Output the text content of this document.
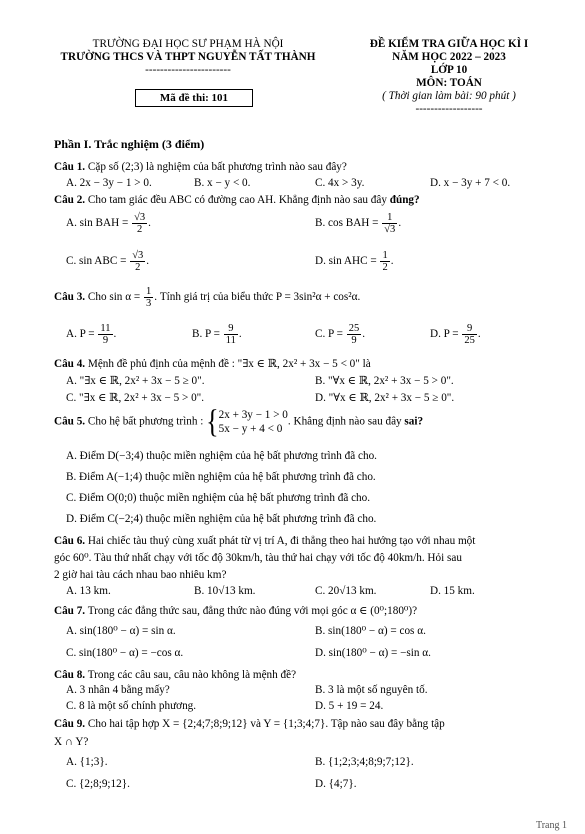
TRƯỜNG ĐẠI HỌC SƯ PHẠM HÀ NỘI
TRƯỜNG THCS VÀ THPT NGUYỄN TẤT THÀNH
-----------------------
Mã đề thi: 101
ĐỀ KIỂM TRA GIỮA HỌC KÌ I
NĂM HỌC 2022 – 2023
LỚP 10
MÔN: TOÁN
( Thời gian làm bài: 90 phút )
------------------
Phần I. Trắc nghiệm (3 điểm)
Câu 1. Cặp số (2;3) là nghiệm của bất phương trình nào sau đây?
A. 2x − 3y − 1 > 0.	B. x − y < 0.	C. 4x > 3y.	D. x − 3y + 7 < 0.
Câu 2. Cho tam giác đều ABC có đường cao AH. Khẳng định nào sau đây đúng?
A. sin BAH = $\frac{√3}{2}$ .	B. cos BAH = $\frac{1}{√3}$ .
C. sin ABC = $\frac{√3}{2}$ .	D. sin AHC = $\frac{1}{2}$ .
Câu 3. Cho $\sin \alpha = \frac{1}{3}$ . Tính giá trị của biểu thức P = 3sin²α + cos²α.
A. $P = \frac{11}{9}$ .	B. $P = \frac{9}{11}$ .	C. $P = \frac{25}{9}$ .	D. $P = \frac{9}{25}$ .
Câu 4. Mệnh đề phủ định của mệnh đề : "∃x ∈ ℝ, 2x² + 3x − 5 < 0" là
A. "∃x ∈ ℝ, 2x² + 3x − 5 ≥ 0".	B. "∀x ∈ ℝ, 2x² + 3x − 5 > 0".
C. "∃x ∈ ℝ, 2x² + 3x − 5 > 0".	D. "∀x ∈ ℝ, 2x² + 3x − 5 ≥ 0".
Câu 5. Cho hệ bất phương trình : { 2x + 3y − 1 > 0
5x − y + 4 < 0
. Khẳng định nào sau đây sai?
A. Điểm D(−3;4) thuộc miền nghiệm của hệ bất phương trình đã cho.
B. Điểm A(−1;4) thuộc miền nghiệm của hệ bất phương trình đã cho.
C. Điểm O(0;0) thuộc miền nghiệm của hệ bất phương trình đã cho.
D. Điểm C(−2;4) thuộc miền nghiệm của hệ bất phương trình đã cho.
Câu 6. Hai chiếc tàu thuỷ cùng xuất phát từ vị trí A, đi thẳng theo hai hướng tạo với nhau một
góc 60⁰. Tàu thứ nhất chạy với tốc độ 30km/h, tàu thứ hai chạy với tốc độ 40km/h. Hỏi sau
2 giờ hai tàu cách nhau bao nhiêu km?
A. 13 km.	B. 10√13 km.	C. 20√13 km.	D. 15 km.
Câu 7. Trong các đẳng thức sau, đẳng thức nào đúng với mọi góc α ∈ (0⁰;180⁰)?
A. sin(180⁰ − α) = sin α.	B. sin(180⁰ − α) = cos α.
C. sin(180⁰ − α) = −cos α.	D. sin(180⁰ − α) = −sin α.
Câu 8. Trong các câu sau, câu nào không là mệnh đề?
A. 3 nhân 4 bằng mấy?	B. 3 là một số nguyên tố.
C. 8 là một số chính phương.	D. 5 + 19 = 24.
Câu 9. Cho hai tập hợp X = {2;4;7;8;9;12} và Y = {1;3;4;7}. Tập nào sau đây bằng tập
X ∩ Y?
A. {1;3}.	B. {1;2;3;4;8;9;7;12}.
C. {2;8;9;12}.	D. {4;7}.
Trang 1
